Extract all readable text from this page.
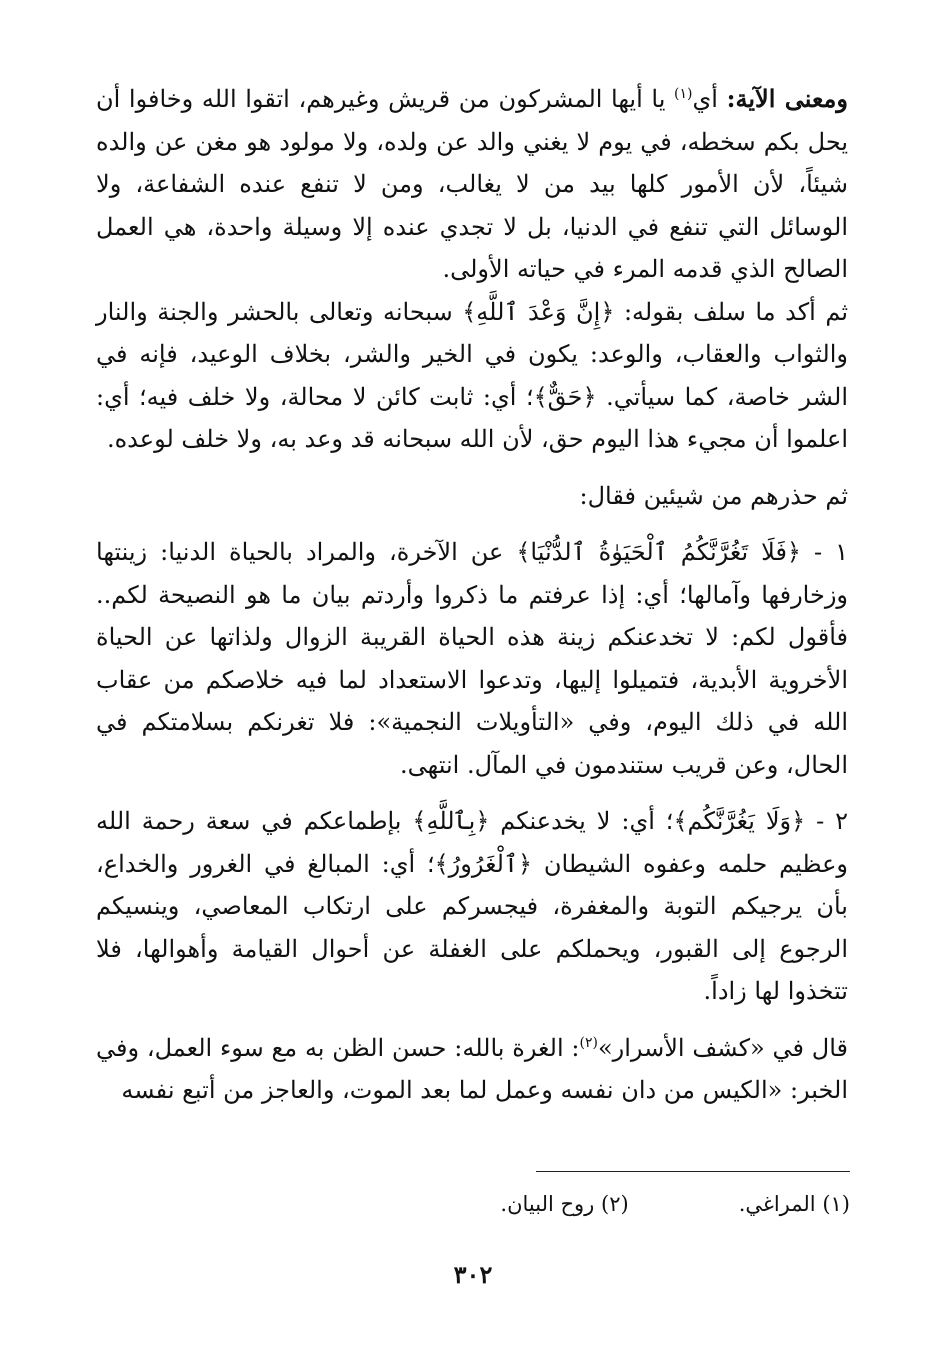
ومعنى الآية: أي$^{(١)}$ يا أيها المشركون من قريش وغيرهم، اتقوا الله وخافوا أن يحل بكم سخطه، في يوم لا يغني والد عن ولده، ولا مولود هو مغن عن والده شيئاً، لأن الأمور كلها بيد من لا يغالب، ومن لا تنفع عنده الشفاعة، ولا الوسائل التي تنفع في الدنيا، بل لا تجدي عنده إلا وسيلة واحدة، هي العمل الصالح الذي قدمه المرء في حياته الأولى.

ثم أكد ما سلف بقوله: ﴿إِنَّ وَعْدَ ٱللَّهِ﴾ سبحانه وتعالى بالحشر والجنة والنار والثواب والعقاب، والوعد: يكون في الخير والشر، بخلاف الوعيد، فإنه في الشر خاصة، كما سيأتي. ﴿حَقٌّ﴾؛ أي: ثابت كائن لا محالة، ولا خلف فيه؛ أي: اعلموا أن مجيء هذا اليوم حق، لأن الله سبحانه قد وعد به، ولا خلف لوعده.

ثم حذرهم من شيئين فقال:

١ - ﴿فَلَا تَغُرَّنَّكُمُ ٱلْحَيَوٰةُ ٱلدُّنْيَا﴾ عن الآخرة، والمراد بالحياة الدنيا: زينتها وزخارفها وآمالها؛ أي: إذا عرفتم ما ذكروا وأردتم بيان ما هو النصيحة لكم.. فأقول لكم: لا تخدعنكم زينة هذه الحياة القريبة الزوال ولذاتها عن الحياة الأخروية الأبدية، فتميلوا إليها، وتدعوا الاستعداد لما فيه خلاصكم من عقاب الله في ذلك اليوم، وفي «التأويلات النجمية»: فلا تغرنكم بسلامتكم في الحال، وعن قريب ستندمون في المآل. انتهى.

٢ - ﴿وَلَا يَغُرَّنَّكُم﴾؛ أي: لا يخدعنكم ﴿بِٱللَّهِ﴾ بإطماعكم في سعة رحمة الله وعظيم حلمه وعفوه الشيطان ﴿ٱلْغَرُورُ﴾؛ أي: المبالغ في الغرور والخداع، بأن يرجيكم التوبة والمغفرة، فيجسركم على ارتكاب المعاصي، وينسيكم الرجوع إلى القبور، ويحملكم على الغفلة عن أحوال القيامة وأهوالها، فلا تتخذوا لها زاداً.

قال في «كشف الأسرار»$^{(٢)}$: الغرة بالله: حسن الظن به مع سوء العمل، وفي الخبر: «الكيس من دان نفسه وعمل لما بعد الموت، والعاجز من أتبع نفسه

(١) المراغي.(٢) روح البيان.
٣٠٢
